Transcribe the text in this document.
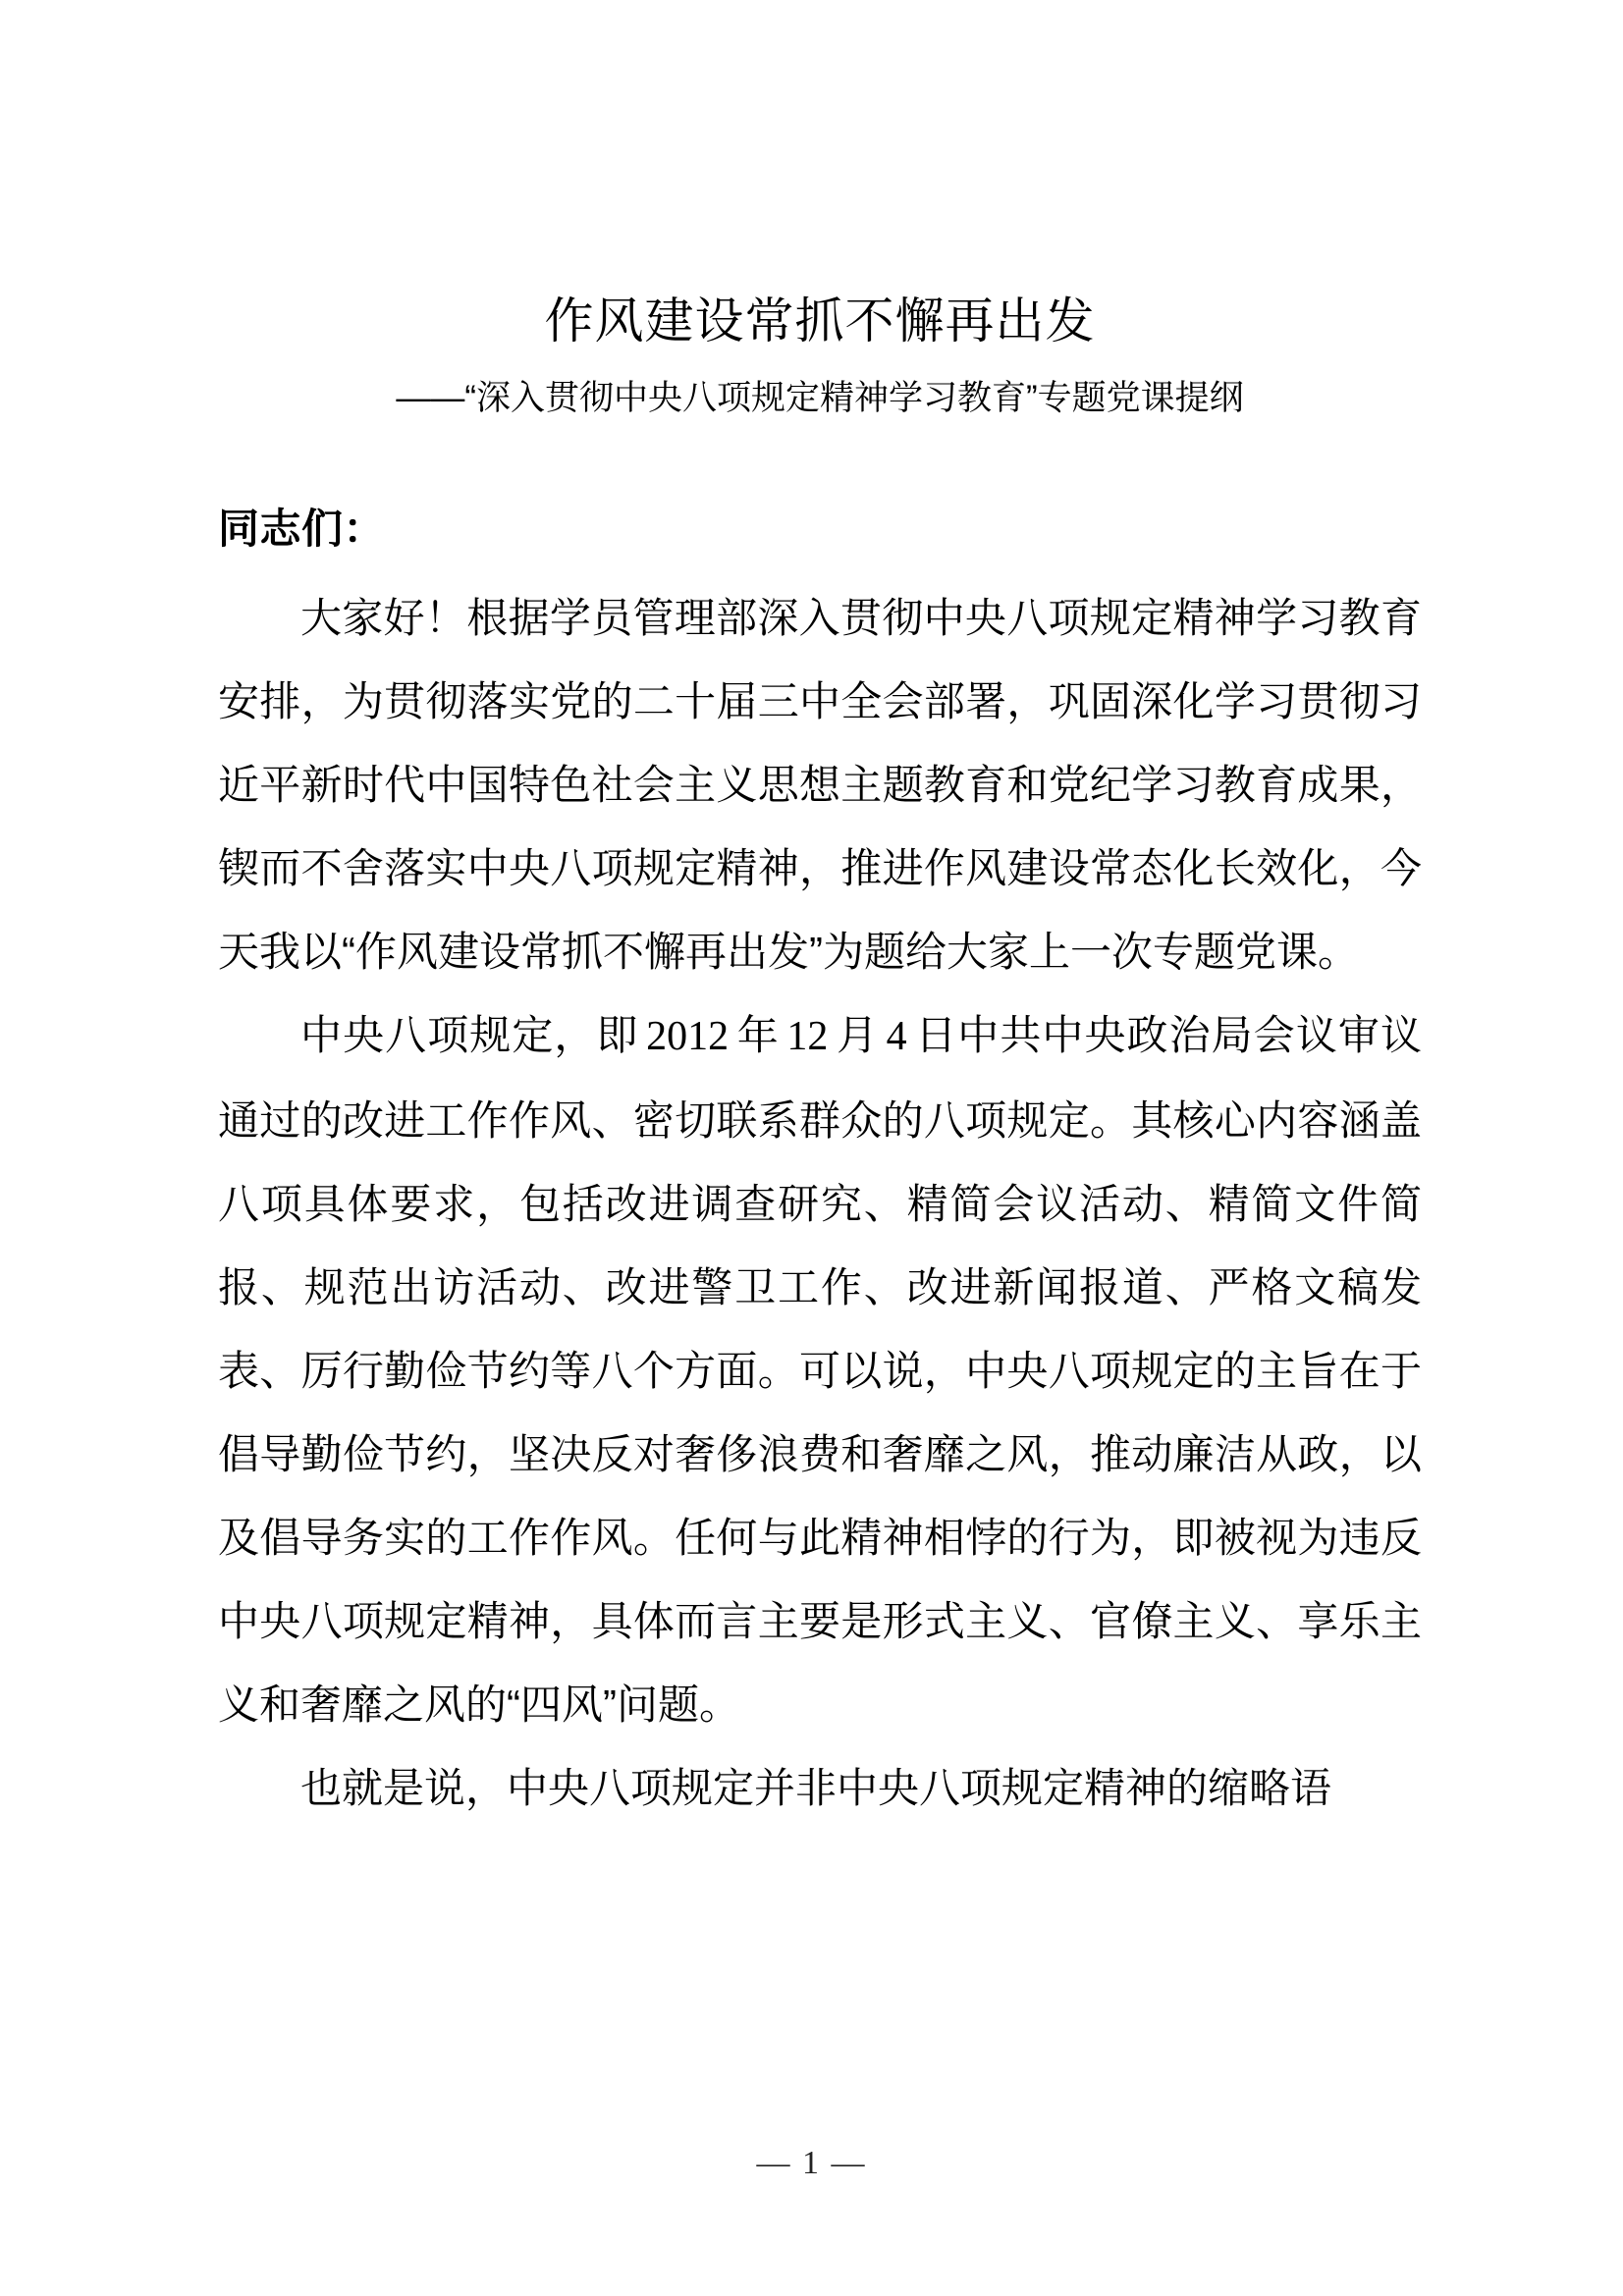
作风建设常抓不懈再出发
——“深入贯彻中央八项规定精神学习教育”专题党课提纲

同志们：

大家好！根据学员管理部深入贯彻中央八项规定精神学习教育安排，为贯彻落实党的二十届三中全会部署，巩固深化学习贯彻习近平新时代中国特色社会主义思想主题教育和党纪学习教育成果，锲而不舍落实中央八项规定精神，推进作风建设常态化长效化，今天我以“作风建设常抓不懈再出发”为题给大家上一次专题党课。

中央八项规定，即 2012 年 12 月 4 日中共中央政治局会议审议通过的改进工作作风、密切联系群众的八项规定。其核心内容涵盖八项具体要求，包括改进调查研究、精简会议活动、精简文件简报、规范出访活动、改进警卫工作、改进新闻报道、严格文稿发表、厉行勤俭节约等八个方面。可以说，中央八项规定的主旨在于倡导勤俭节约，坚决反对奢侈浪费和奢靡之风，推动廉洁从政，以及倡导务实的工作作风。任何与此精神相悖的行为，即被视为违反中央八项规定精神，具体而言主要是形式主义、官僚主义、享乐主义和奢靡之风的“四风”问题。

也就是说，中央八项规定并非中央八项规定精神的缩略语

— 1 —
